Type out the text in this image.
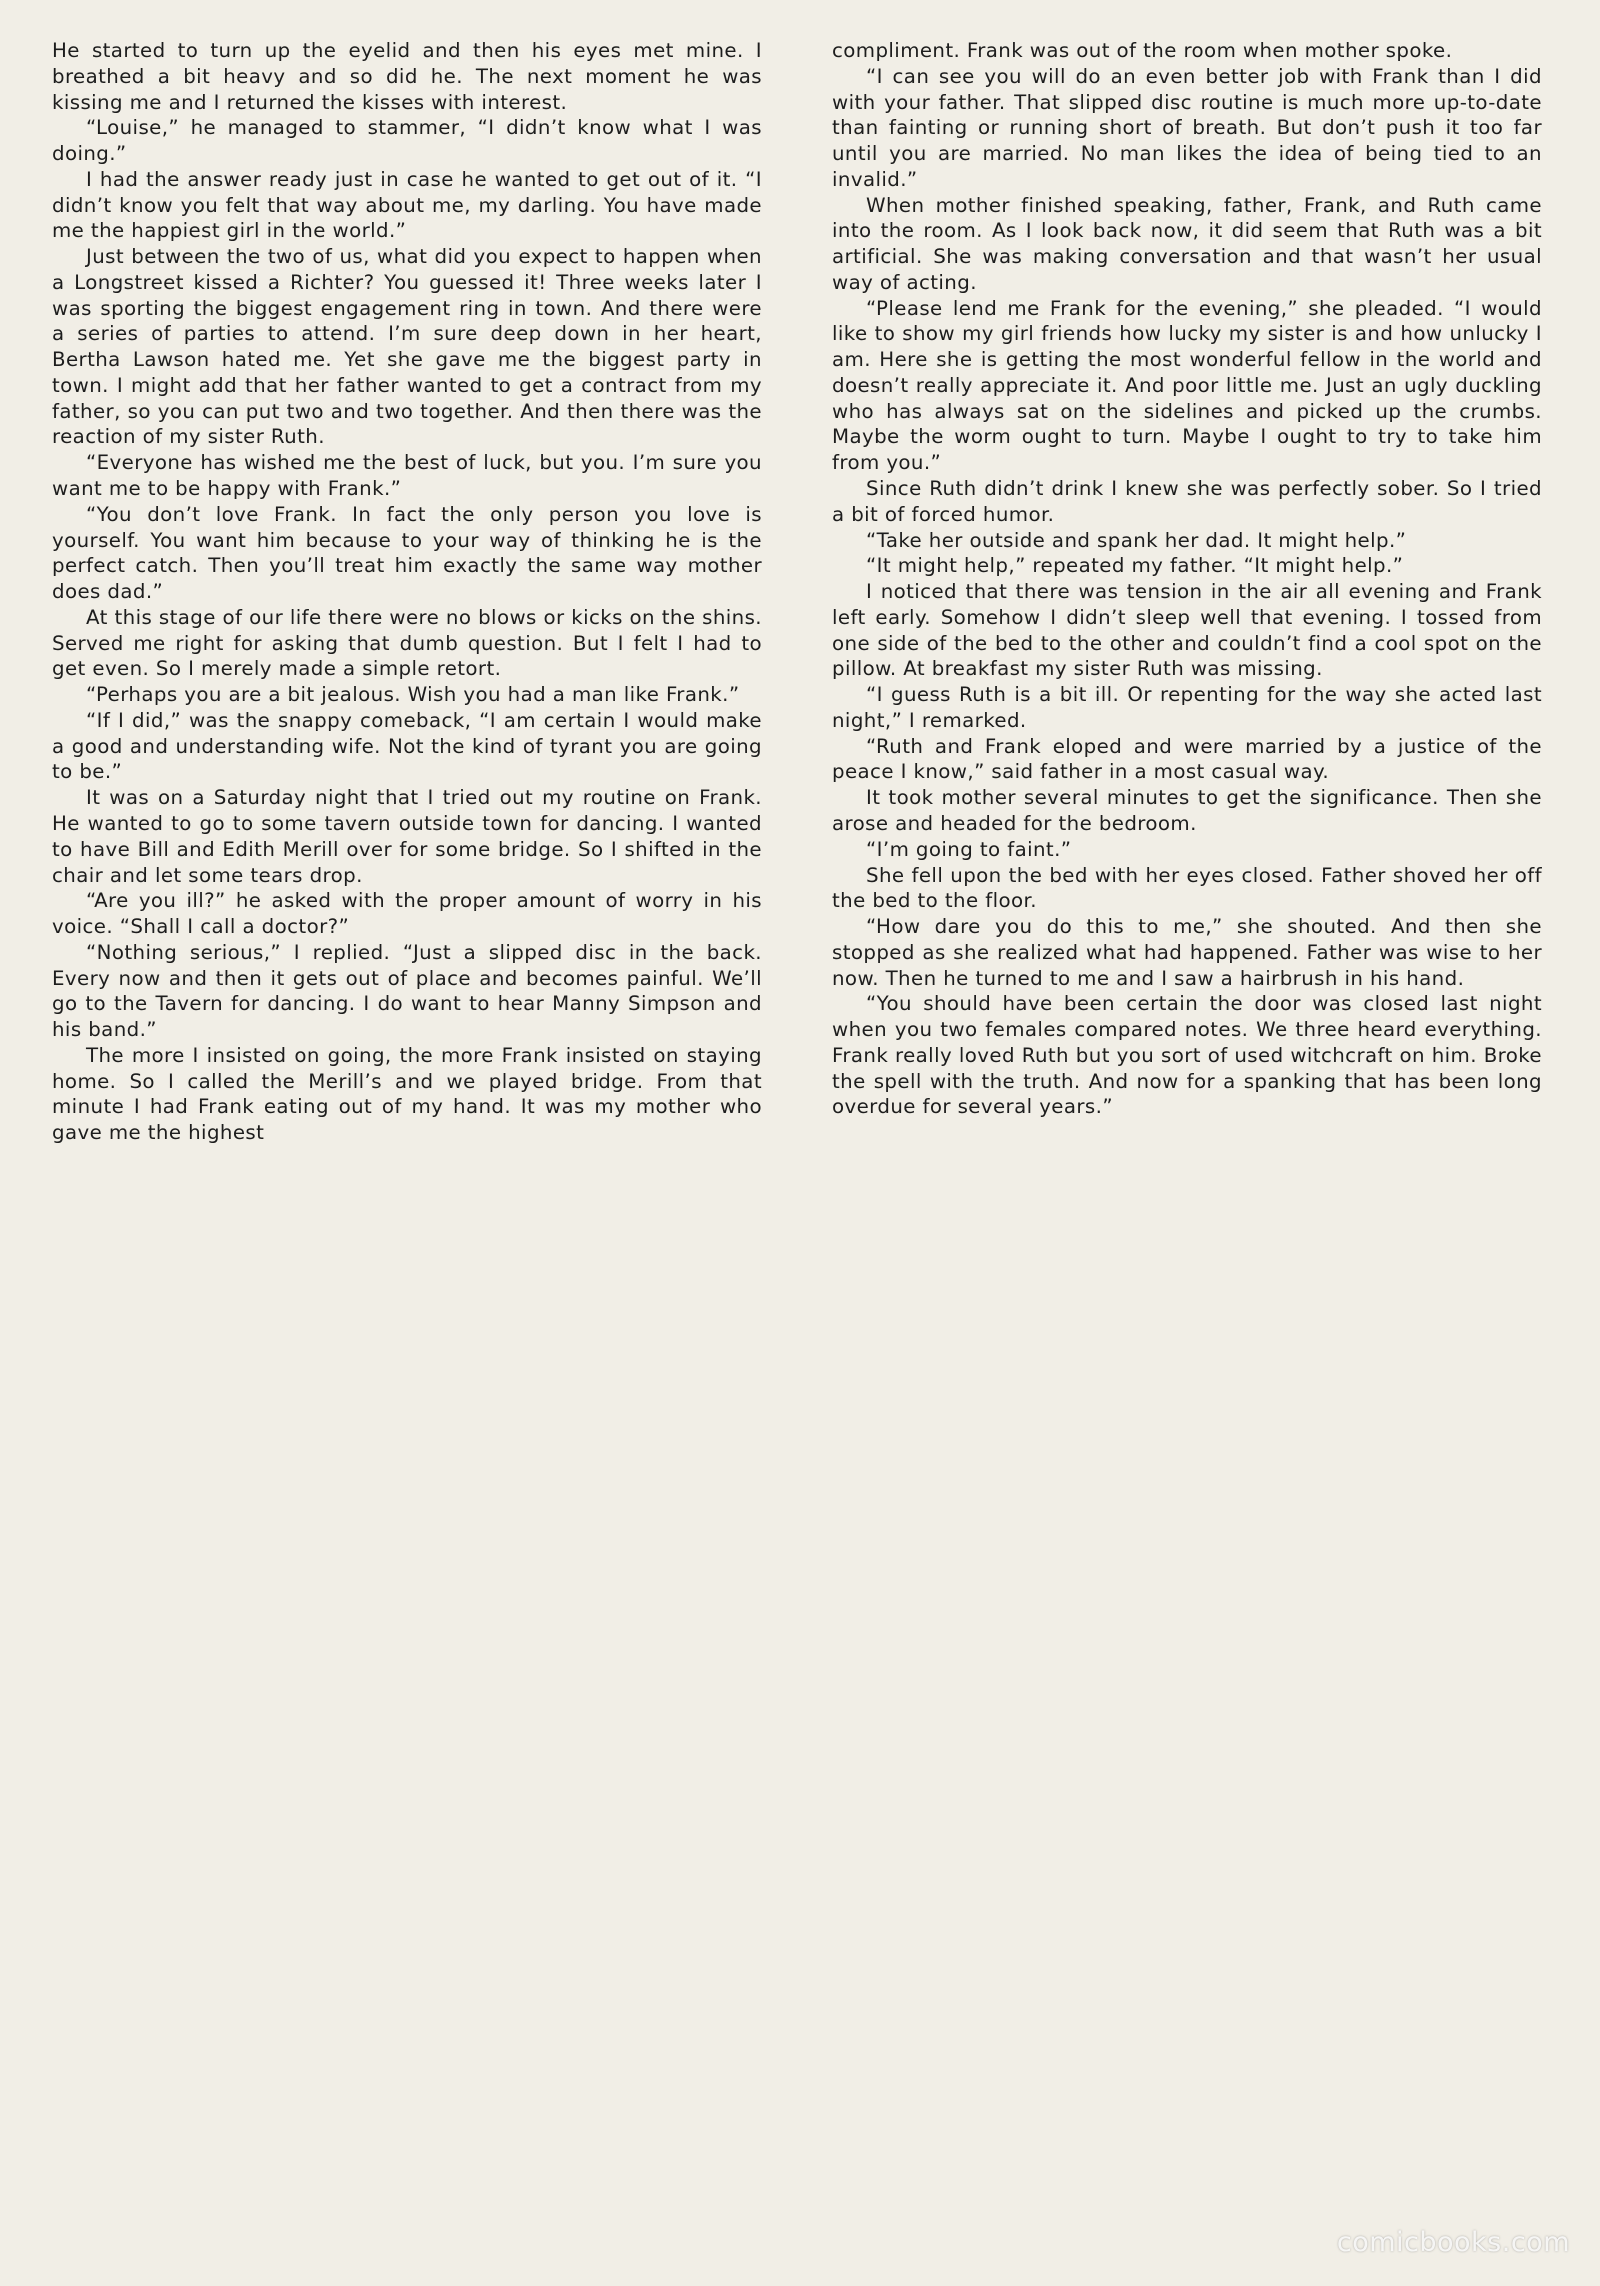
He started to turn up the eyelid and then his eyes met mine. I breathed a bit heavy and so did he. The next moment he was kissing me and I returned the kisses with interest.

“Louise,” he managed to stammer, “I didn’t know what I was doing.”

I had the answer ready just in case he wanted to get out of it. “I didn’t know you felt that way about me, my darling. You have made me the happiest girl in the world.”

Just between the two of us, what did you expect to happen when a Longstreet kissed a Richter? You guessed it! Three weeks later I was sporting the biggest engagement ring in town. And there were a series of parties to attend. I’m sure deep down in her heart, Bertha Lawson hated me. Yet she gave me the biggest party in town. I might add that her father wanted to get a contract from my father, so you can put two and two together. And then there was the reaction of my sister Ruth.

“Everyone has wished me the best of luck, but you. I’m sure you want me to be happy with Frank.”

“You don’t love Frank. In fact the only person you love is yourself. You want him because to your way of thinking he is the perfect catch. Then you’ll treat him exactly the same way mother does dad.”

At this stage of our life there were no blows or kicks on the shins. Served me right for asking that dumb question. But I felt I had to get even. So I merely made a simple retort.

“Perhaps you are a bit jealous. Wish you had a man like Frank.”

“If I did,” was the snappy comeback, “I am certain I would make a good and understanding wife. Not the kind of tyrant you are going to be.”

It was on a Saturday night that I tried out my routine on Frank. He wanted to go to some tavern outside town for dancing. I wanted to have Bill and Edith Merill over for some bridge. So I shifted in the chair and let some tears drop.

“Are you ill?” he asked with the proper amount of worry in his voice. “Shall I call a doctor?”

“Nothing serious,” I replied. “Just a slipped disc in the back. Every now and then it gets out of place and becomes painful. We’ll go to the Tavern for dancing. I do want to hear Manny Simpson and his band.”

The more I insisted on going, the more Frank insisted on staying home. So I called the Merill’s and we played bridge. From that minute I had Frank eating out of my hand. It was my mother who gave me the highest

compliment. Frank was out of the room when mother spoke.

“I can see you will do an even better job with Frank than I did with your father. That slipped disc routine is much more up-to-date than fainting or running short of breath. But don’t push it too far until you are married. No man likes the idea of being tied to an invalid.”

When mother finished speaking, father, Frank, and Ruth came into the room. As I look back now, it did seem that Ruth was a bit artificial. She was making conversation and that wasn’t her usual way of acting.

“Please lend me Frank for the evening,” she pleaded. “I would like to show my girl friends how lucky my sister is and how unlucky I am. Here she is getting the most wonderful fellow in the world and doesn’t really appreciate it. And poor little me. Just an ugly duckling who has always sat on the sidelines and picked up the crumbs. Maybe the worm ought to turn. Maybe I ought to try to take him from you.”

Since Ruth didn’t drink I knew she was perfectly sober. So I tried a bit of forced humor.

“Take her outside and spank her dad. It might help.”

“It might help,” repeated my father. “It might help.”

I noticed that there was tension in the air all evening and Frank left early. Somehow I didn’t sleep well that evening. I tossed from one side of the bed to the other and couldn’t find a cool spot on the pillow. At breakfast my sister Ruth was missing.

“I guess Ruth is a bit ill. Or repenting for the way she acted last night,” I remarked.

“Ruth and Frank eloped and were married by a justice of the peace I know,” said father in a most casual way.

It took mother several minutes to get the significance. Then she arose and headed for the bedroom.

“I’m going to faint.”

She fell upon the bed with her eyes closed. Father shoved her off the bed to the floor.

“How dare you do this to me,” she shouted. And then she stopped as she realized what had happened. Father was wise to her now. Then he turned to me and I saw a hairbrush in his hand.

“You should have been certain the door was closed last night when you two females compared notes. We three heard everything. Frank really loved Ruth but you sort of used witchcraft on him. Broke the spell with the truth. And now for a spanking that has been long overdue for several years.”

comicbooks.com
